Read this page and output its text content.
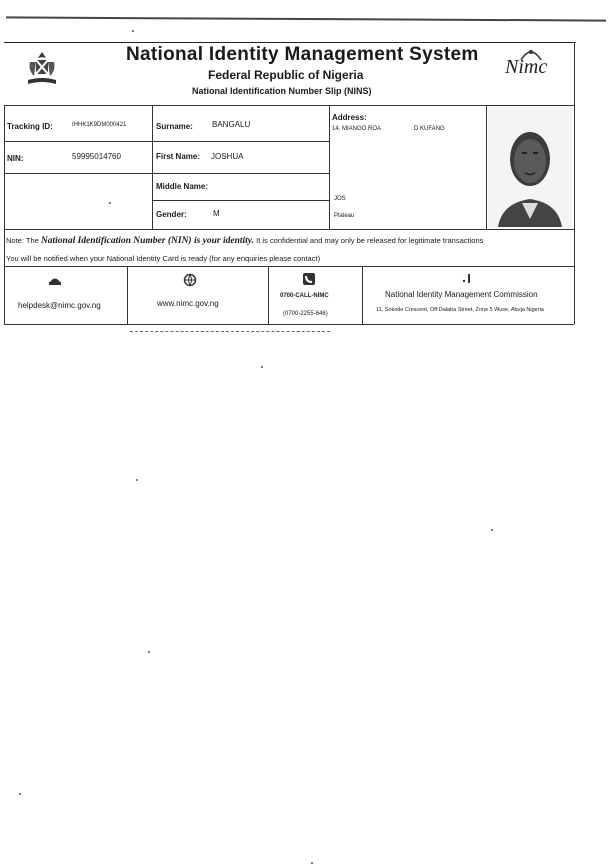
National Identity Management System
Federal Republic of Nigeria
National Identification Number Slip (NINS)
Nimc
Tracking ID:	IHHK1K9DM000421
NIN:	59995014760
Surname: BANGALU
First Name: JOSHUA
Middle Name:
Gender:	M
Address:
14, MIANGO ROA	D KUFANG
JOS
Plateau
Note: The National Identification Number (NIN) is your identity. It is confidential and may only be released for legitimate transactions
You will be notified when your National Identity Card is ready (for any enquiries please contact)
helpdesk@nimc.gov.ng	www.nimc.gov.ng
0700-CALL-NIMC
(0700-2255-646)
National Identity Management Commission
11, Sokode Crescent, Off Dalaba Street, Zone 5 Wuse, Abuja Nigeria
